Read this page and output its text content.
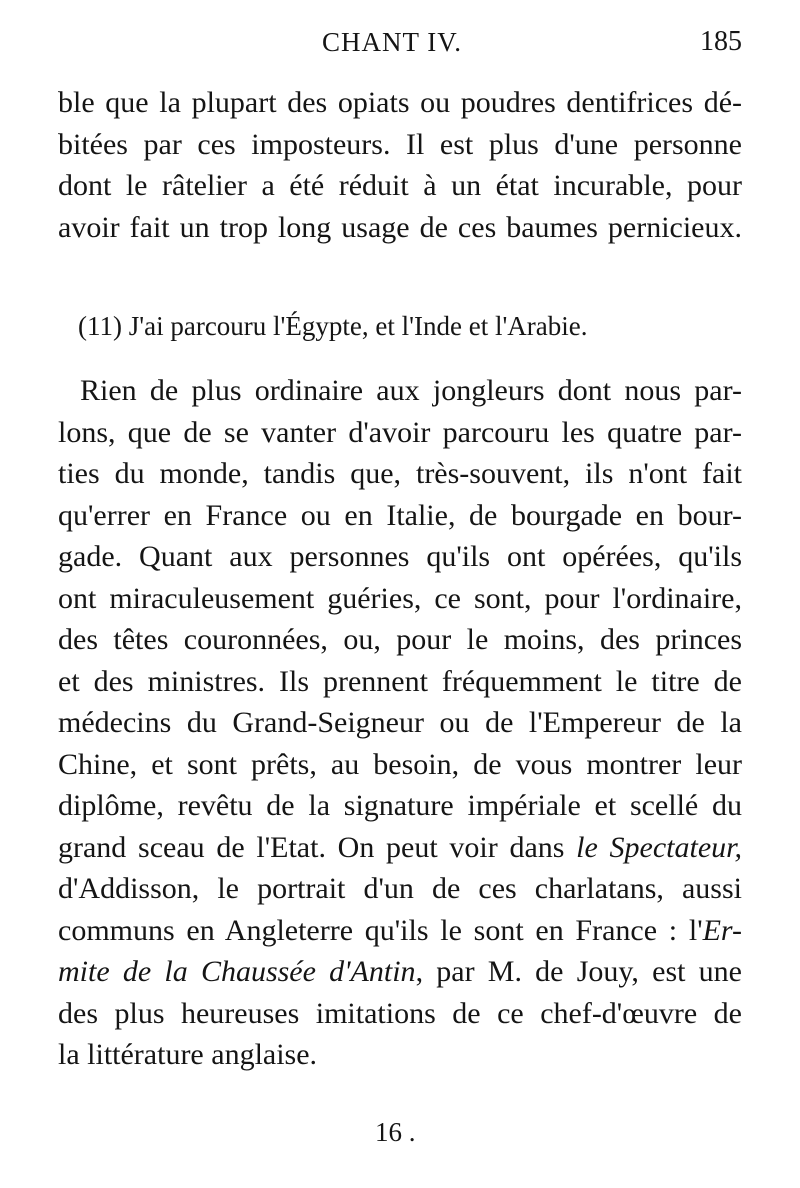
CHANT IV.	185
ble que la plupart des opiats ou poudres dentifrices dé-
bitées par ces imposteurs. Il est plus d'une personne
dont le râtelier a été réduit à un état incurable, pour
avoir fait un trop long usage de ces baumes pernicieux.
(11) J'ai parcouru l'Égypte, et l'Inde et l'Arabie.
Rien de plus ordinaire aux jongleurs dont nous par-
lons, que de se vanter d'avoir parcouru les quatre par-
ties du monde, tandis que, très-souvent, ils n'ont fait
qu'errer en France ou en Italie, de bourgade en bour-
gade. Quant aux personnes qu'ils ont opérées, qu'ils
ont miraculeusement guéries, ce sont, pour l'ordinaire,
des têtes couronnées, ou, pour le moins, des princes
et des ministres. Ils prennent fréquemment le titre de
médecins du Grand-Seigneur ou de l'Empereur de la
Chine, et sont prêts, au besoin, de vous montrer leur
diplôme, revêtu de la signature impériale et scellé du
grand sceau de l'Etat. On peut voir dans le Spectateur,
d'Addisson, le portrait d'un de ces charlatans, aussi
communs en Angleterre qu'ils le sont en France : l'Er-
mite de la Chaussée d'Antin, par M. de Jouy, est une
des plus heureuses imitations de ce chef-d'œuvre de
la littérature anglaise.
16 .
